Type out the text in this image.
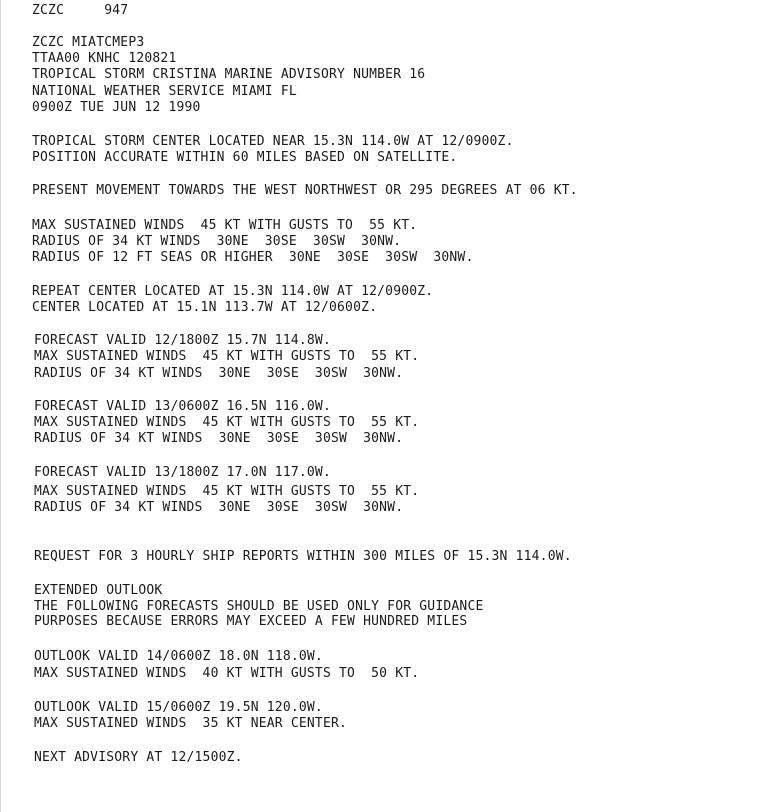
ZCZC     947

ZCZC MIATCMEP3

TTAA00 KNHC 120821

TROPICAL STORM CRISTINA MARINE ADVISORY NUMBER 16

NATIONAL WEATHER SERVICE MIAMI FL

0900Z TUE JUN 12 1990

TROPICAL STORM CENTER LOCATED NEAR 15.3N 114.0W AT 12/0900Z.

POSITION ACCURATE WITHIN 60 MILES BASED ON SATELLITE.

PRESENT MOVEMENT TOWARDS THE WEST NORTHWEST OR 295 DEGREES AT 06 KT.

MAX SUSTAINED WINDS  45 KT WITH GUSTS TO  55 KT.

RADIUS OF 34 KT WINDS  30NE  30SE  30SW  30NW.

RADIUS OF 12 FT SEAS OR HIGHER  30NE  30SE  30SW  30NW.

REPEAT CENTER LOCATED AT 15.3N 114.0W AT 12/0900Z.

CENTER LOCATED AT 15.1N 113.7W AT 12/0600Z.

FORECAST VALID 12/1800Z 15.7N 114.8W.

MAX SUSTAINED WINDS  45 KT WITH GUSTS TO  55 KT.

RADIUS OF 34 KT WINDS  30NE  30SE  30SW  30NW.

FORECAST VALID 13/0600Z 16.5N 116.0W.

MAX SUSTAINED WINDS  45 KT WITH GUSTS TO  55 KT.

RADIUS OF 34 KT WINDS  30NE  30SE  30SW  30NW.

FORECAST VALID 13/1800Z 17.0N 117.0W.

MAX SUSTAINED WINDS  45 KT WITH GUSTS TO  55 KT.

RADIUS OF 34 KT WINDS  30NE  30SE  30SW  30NW.

REQUEST FOR 3 HOURLY SHIP REPORTS WITHIN 300 MILES OF 15.3N 114.0W.

EXTENDED OUTLOOK

THE FOLLOWING FORECASTS SHOULD BE USED ONLY FOR GUIDANCE

PURPOSES BECAUSE ERRORS MAY EXCEED A FEW HUNDRED MILES

OUTLOOK VALID 14/0600Z 18.0N 118.0W.

MAX SUSTAINED WINDS  40 KT WITH GUSTS TO  50 KT.

OUTLOOK VALID 15/0600Z 19.5N 120.0W.

MAX SUSTAINED WINDS  35 KT NEAR CENTER.

NEXT ADVISORY AT 12/1500Z.
